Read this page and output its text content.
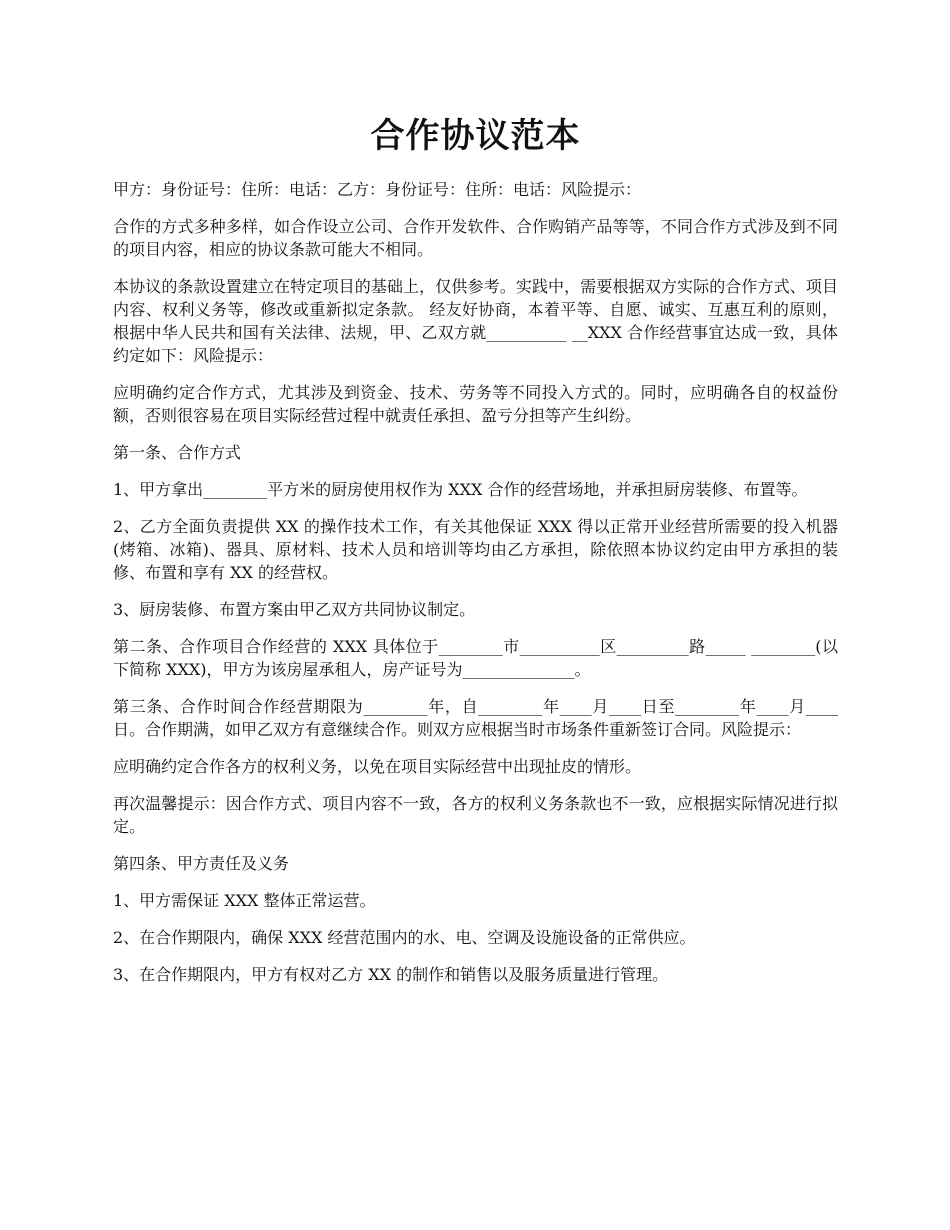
合作协议范本

甲方：身份证号：住所：电话：乙方：身份证号：住所：电话：风险提示：

合作的方式多种多样，如合作设立公司、合作开发软件、合作购销产品等等，不同合作方式涉及到不同的项目内容，相应的协议条款可能大不相同。

本协议的条款设置建立在特定项目的基础上，仅供参考。实践中，需要根据双方实际的合作方式、项目内容、权利义务等，修改或重新拟定条款。 经友好协商，本着平等、自愿、诚实、互惠互利的原则，根据中华人民共和国有关法律、法规，甲、乙双方就__________ __XXX 合作经营事宜达成一致，具体约定如下：风险提示：

应明确约定合作方式，尤其涉及到资金、技术、劳务等不同投入方式的。同时，应明确各自的权益份额，否则很容易在项目实际经营过程中就责任承担、盈亏分担等产生纠纷。

第一条、合作方式

1、甲方拿出________平方米的厨房使用权作为 XXX 合作的经营场地，并承担厨房装修、布置等。

2、乙方全面负责提供 XX 的操作技术工作，有关其他保证 XXX 得以正常开业经营所需要的投入机器(烤箱、冰箱)、器具、原材料、技术人员和培训等均由乙方承担，除依照本协议约定由甲方承担的装修、布置和享有 XX 的经营权。

3、厨房装修、布置方案由甲乙双方共同协议制定。

第二条、合作项目合作经营的 XXX 具体位于________市__________区_________路_____ ________(以下简称 XXX)，甲方为该房屋承租人，房产证号为______________。

第三条、合作时间合作经营期限为________年，自________年____月____日至________年____月____日。合作期满，如甲乙双方有意继续合作。则双方应根据当时市场条件重新签订合同。风险提示：

应明确约定合作各方的权利义务，以免在项目实际经营中出现扯皮的情形。

再次温馨提示：因合作方式、项目内容不一致，各方的权利义务条款也不一致，应根据实际情况进行拟定。

第四条、甲方责任及义务

1、甲方需保证 XXX 整体正常运营。

2、在合作期限内，确保 XXX 经营范围内的水、电、空调及设施设备的正常供应。

3、在合作期限内，甲方有权对乙方 XX 的制作和销售以及服务质量进行管理。
